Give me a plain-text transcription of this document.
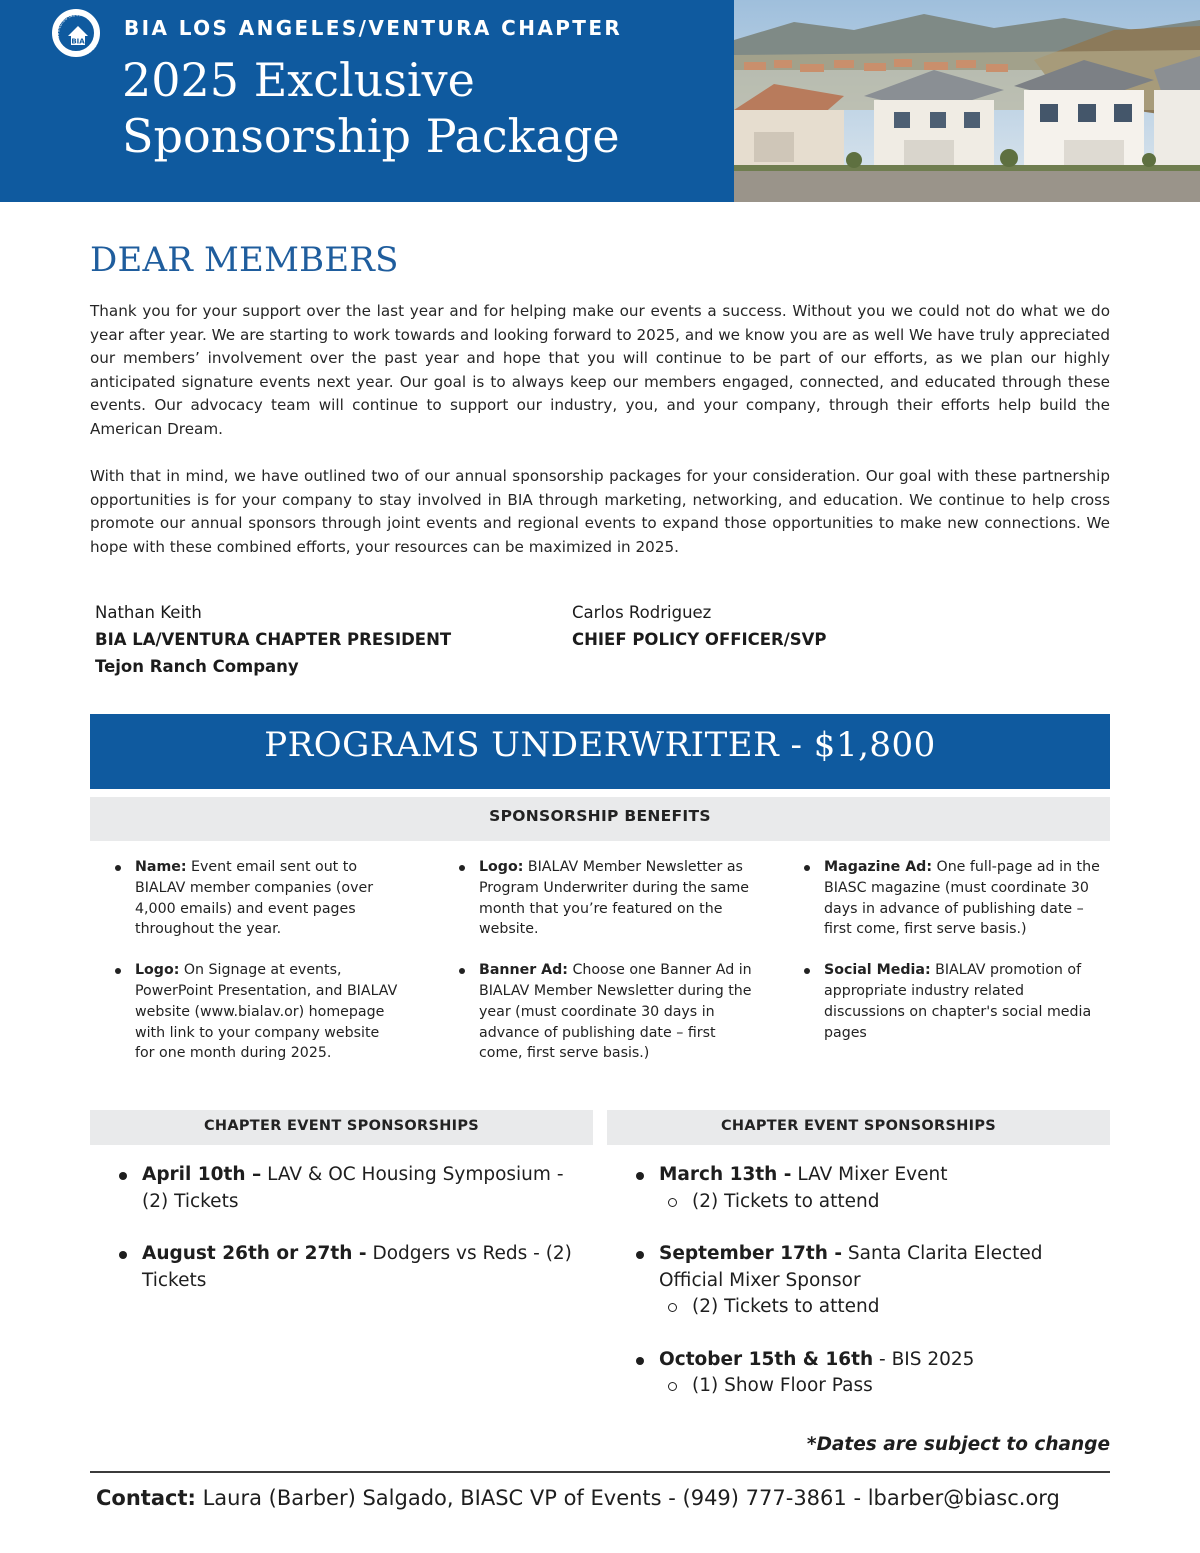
BUILDING INDUSTRY ASSOCIATION OF SOUTHERN CALIFORN
BIA
BIA LOS ANGELES/VENTURA CHAPTER
2025 Exclusive
Sponsorship Package
DEAR MEMBERS

Thank you for your support over the last year and for helping make our events a success. Without you we could not do what we do year after year. We are starting to work towards and looking forward to 2025, and we know you are as well We have truly appreciated our members’ involvement over the past year and hope that you will continue to be part of our efforts, as we plan our highly anticipated signature events next year. Our goal is to always keep our members engaged, connected, and educated through these events. Our advocacy team will continue to support our industry, you, and your company, through their efforts help build the American Dream.

With that in mind, we have outlined two of our annual sponsorship packages for your consideration. Our goal with these partnership opportunities is for your company to stay involved in BIA through marketing, networking, and education. We continue to help cross promote our annual sponsors through joint events and regional events to expand those opportunities to make new connections. We hope with these combined efforts, your resources can be maximized in 2025.

Nathan Keith
BIA LA/VENTURA CHAPTER PRESIDENT
Tejon Ranch Company
Carlos Rodriguez
CHIEF POLICY OFFICER/SVP
PROGRAMS UNDERWRITER - $1,800
SPONSORSHIP BENEFITS
Name: Event email sent out to BIALAV member companies (over 4,000 emails) and event pages throughout the year.
Logo: On Signage at events, PowerPoint Presentation, and BIALAV website (www.bialav.or) homepage with link to your company website for one month during 2025.
Logo: BIALAV Member Newsletter as Program Underwriter during the same month that you’re featured on the website.
Banner Ad: Choose one Banner Ad in BIALAV Member Newsletter during the year (must coordinate 30 days in advance of publishing date – first come, first serve basis.)
Magazine Ad: One full-page ad in the BIASC magazine (must coordinate 30 days in advance of publishing date – first come, first serve basis.)
Social Media: BIALAV promotion of appropriate industry related discussions on chapter's social media pages
CHAPTER EVENT SPONSORSHIPS	CHAPTER EVENT SPONSORSHIPS
April 10th – LAV & OC Housing Symposium - (2) Tickets
August 26th or 27th - Dodgers vs Reds - (2) Tickets
March 13th - LAV Mixer Event
(2) Tickets to attend
September 17th - Santa Clarita Elected Official Mixer Sponsor
(2) Tickets to attend
October 15th & 16th - BIS 2025
(1) Show Floor Pass
*Dates are subject to change
Contact: Laura (Barber) Salgado, BIASC VP of Events - (949) 777-3861 - lbarber@biasc.org
